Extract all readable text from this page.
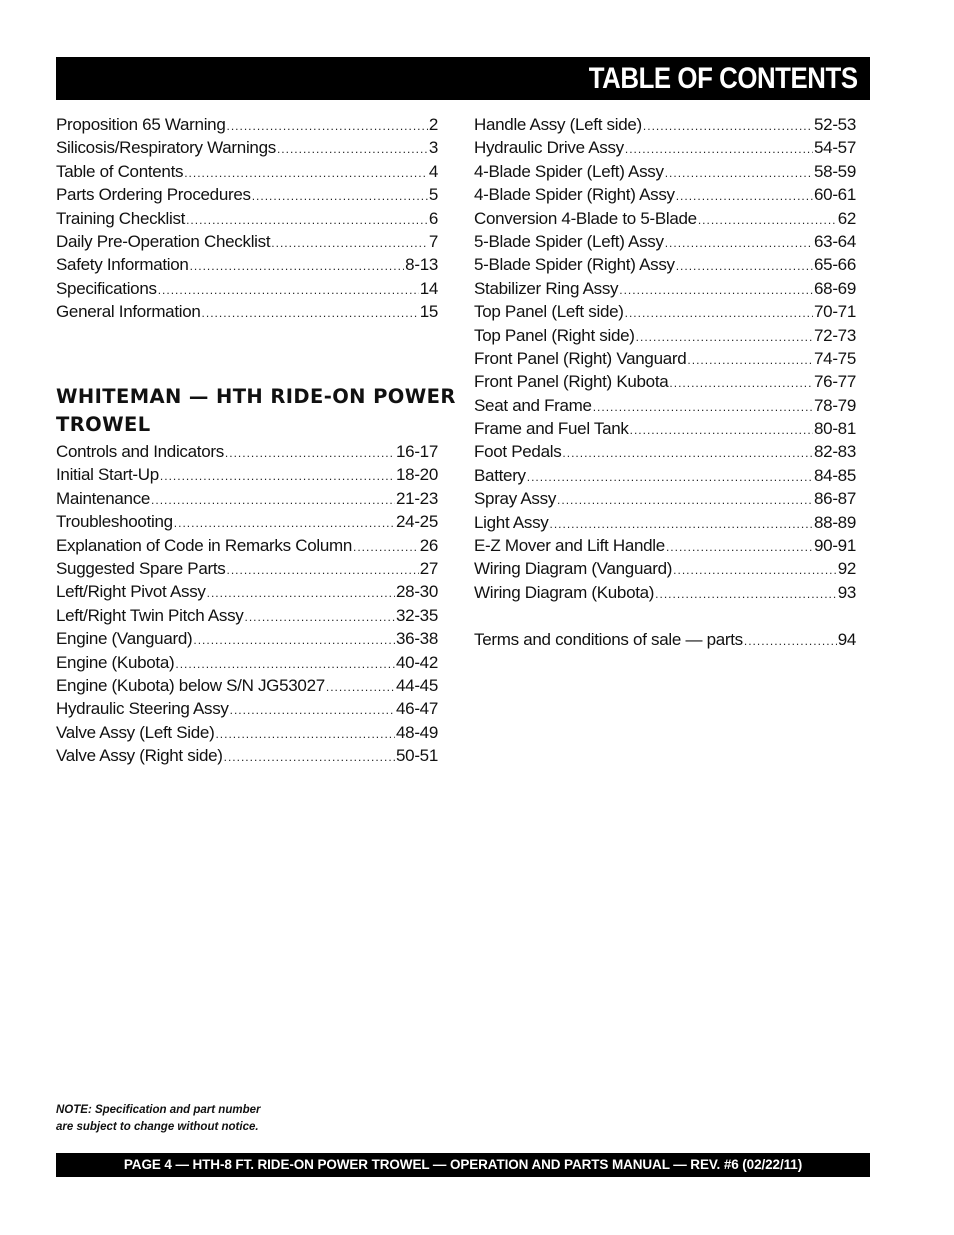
TABLE OF CONTENTS
Proposition 65 Warning .....	2
Silicosis/Respiratory Warnings .....	3
Table of Contents .....	4
Parts Ordering Procedures .....	5
Training Checklist .....	6
Daily Pre-Operation Checklist .....	7
Safety Information .....	8-13
Specifications .....	14
General Information .....	15
WHITEMAN — HTH RIDE-ON POWER TROWEL
Controls and Indicators .....	16-17
Initial Start-Up .....	18-20
Maintenance .....	21-23
Troubleshooting .....	24-25
Explanation of Code in Remarks Column .....	26
Suggested Spare Parts .....	27
Left/Right Pivot Assy .....	28-30
Left/Right Twin Pitch Assy .....	32-35
Engine (Vanguard) .....	36-38
Engine (Kubota) .....	40-42
Engine (Kubota) below S/N JG53027 .....	44-45
Hydraulic Steering Assy .....	46-47
Valve Assy (Left Side) .....	48-49
Valve Assy (Right side) .....	50-51
Handle Assy (Left side) .....	52-53
Hydraulic Drive Assy .....	54-57
4-Blade Spider (Left) Assy .....	58-59
4-Blade Spider (Right) Assy .....	60-61
Conversion 4-Blade to 5-Blade .....	62
5-Blade Spider (Left) Assy .....	63-64
5-Blade Spider (Right) Assy .....	65-66
Stabilizer Ring Assy .....	68-69
Top Panel (Left side) .....	70-71
Top Panel (Right side) .....	72-73
Front Panel (Right) Vanguard .....	74-75
Front Panel (Right) Kubota .....	76-77
Seat and Frame .....	78-79
Frame and Fuel Tank .....	80-81
Foot Pedals .....	82-83
Battery .....	84-85
Spray Assy .....	86-87
Light Assy .....	88-89
E-Z Mover and Lift Handle .....	90-91
Wiring Diagram (Vanguard) .....	92
Wiring Diagram (Kubota) .....	93
Terms and conditions of sale — parts .....	94
NOTE: Specification and part number
are subject to change without notice.
PAGE 4 — HTH-8 FT. RIDE-ON POWER TROWEL — OPERATION AND PARTS MANUAL — REV. #6 (02/22/11)
